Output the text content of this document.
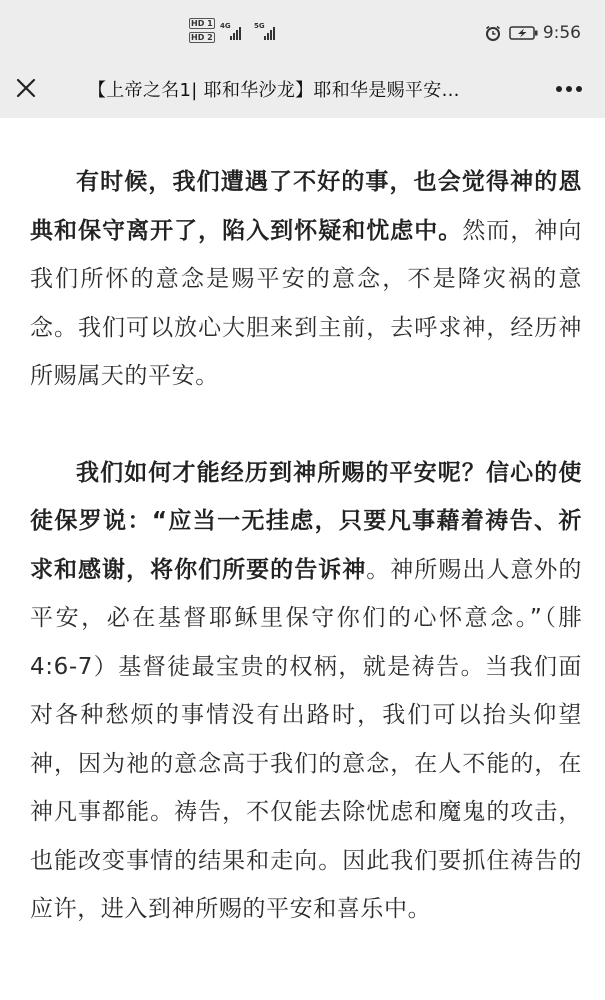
HD 1
HD 2
4G	5G	9:56
【上帝之名1| 耶和华沙龙】耶和华是赐平安…

有时候，我们遭遇了不好的事，也会觉得神的恩典和保守离开了，陷入到怀疑和忧虑中。然而，神向我们所怀的意念是赐平安的意念，不是降灾祸的意念。我们可以放心大胆来到主前，去呼求神，经历神所赐属天的平安。

我们如何才能经历到神所赐的平安呢？信心的使徒保罗说：“应当一无挂虑，只要凡事藉着祷告、祈求和感谢，将你们所要的告诉神。神所赐出人意外的平安，必在基督耶稣里保守你们的心怀意念。”（腓4:6-7）基督徒最宝贵的权柄，就是祷告。当我们面对各种愁烦的事情没有出路时，我们可以抬头仰望神，因为祂的意念高于我们的意念，在人不能的，在神凡事都能。祷告，不仅能去除忧虑和魔鬼的攻击，也能改变事情的结果和走向。因此我们要抓住祷告的应许，进入到神所赐的平安和喜乐中。
